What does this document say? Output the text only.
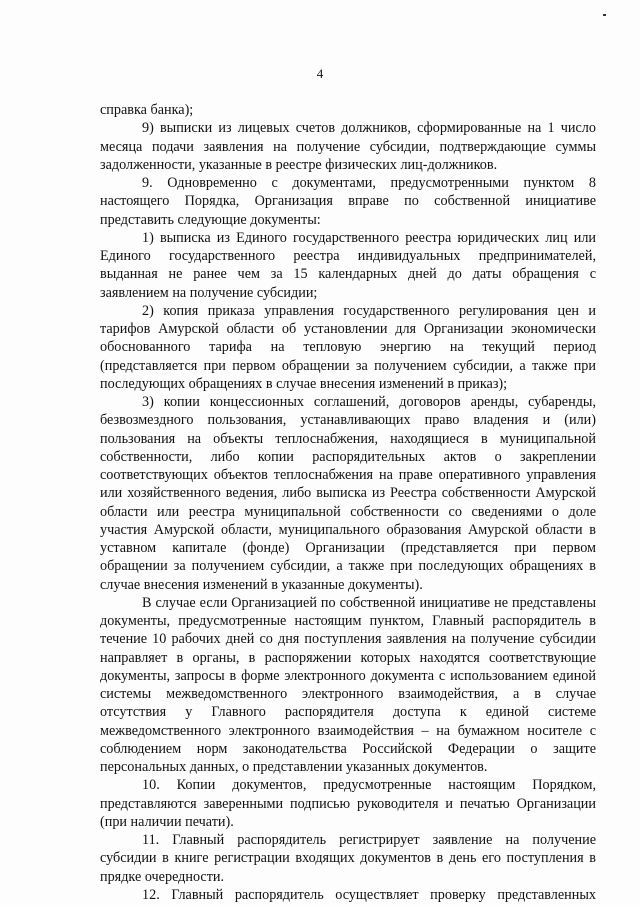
4
справка банка);
9) выписки из лицевых счетов должников, сформированные на 1 число
месяца подачи заявления на получение субсидии, подтверждающие суммы
задолженности, указанные в реестре физических лиц-должников.
9. Одновременно с документами, предусмотренными пунктом 8
настоящего Порядка, Организация вправе по собственной инициативе
представить следующие документы:
1) выписка из Единого государственного реестра юридических лиц или
Единого государственного реестра индивидуальных предпринимателей,
выданная не ранее чем за 15 календарных дней до даты обращения с
заявлением на получение субсидии;
2) копия приказа управления государственного регулирования цен и
тарифов Амурской области об установлении для Организации экономически
обоснованного тарифа на тепловую энергию на текущий период
(представляется при первом обращении за получением субсидии, а также при
последующих обращениях в случае внесения изменений в приказ);
3) копии концессионных соглашений, договоров аренды, субаренды,
безвозмездного пользования, устанавливающих право владения и (или)
пользования на объекты теплоснабжения, находящиеся в муниципальной
собственности, либо копии распорядительных актов о закреплении
соответствующих объектов теплоснабжения на праве оперативного управления
или хозяйственного ведения, либо выписка из Реестра собственности Амурской
области или реестра муниципальной собственности со сведениями о доле
участия Амурской области, муниципального образования Амурской области в
уставном капитале (фонде) Организации (представляется при первом
обращении за получением субсидии, а также при последующих обращениях в
случае внесения изменений в указанные документы).
В случае если Организацией по собственной инициативе не представлены
документы, предусмотренные настоящим пунктом, Главный распорядитель в
течение 10 рабочих дней со дня поступления заявления на получение субсидии
направляет в органы, в распоряжении которых находятся соответствующие
документы, запросы в форме электронного документа с использованием единой
системы межведомственного электронного взаимодействия, а в случае
отсутствия у Главного распорядителя доступа к единой системе
межведомственного электронного взаимодействия – на бумажном носителе с
соблюдением норм законодательства Российской Федерации о защите
персональных данных, о представлении указанных документов.
10. Копии документов, предусмотренные настоящим Порядком,
представляются заверенными подписью руководителя и печатью Организации
(при наличии печати).
11. Главный распорядитель регистрирует заявление на получение
субсидии в книге регистрации входящих документов в день его поступления в
прядке очередности.
12. Главный распорядитель осуществляет проверку представленных
